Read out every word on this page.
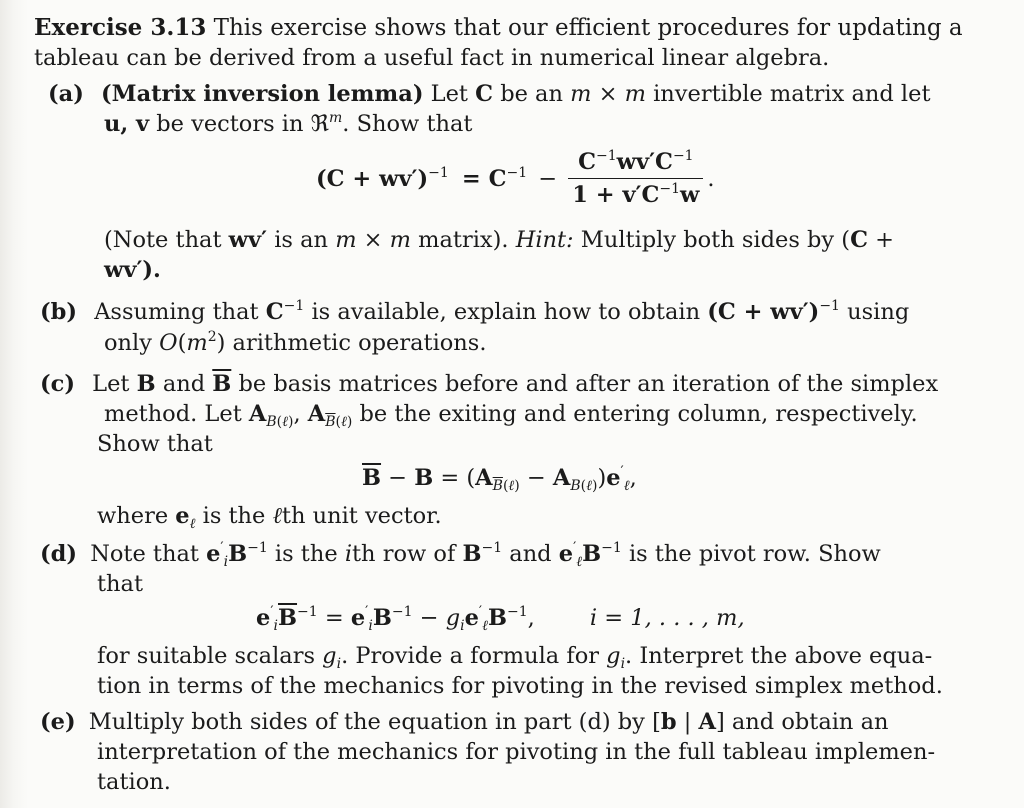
Exercise 3.13 This exercise shows that our efficient procedures for updating a
tableau can be derived from a useful fact in numerical linear algebra.
(a) (Matrix inversion lemma) Let C be an m × m invertible matrix and let
u, v be vectors in ℜ$^m$. Show that
$(C + wv')^{-1} = C^{-1} - \frac{C^{-1}wv'C^{-1}}{1 + v'C^{-1}w}$ .
(Note that wv′ is an m × m matrix). Hint: Multiply both sides by (C +
wv′).
(b) Assuming that $C^{-1}$ is available, explain how to obtain $(C + wv')^{-1}$ using
only $O(m^2)$ arithmetic operations.
(c) Let B and $\overline{B}$ be basis matrices before and after an iteration of the simplex
method. Let $A_{B(\ell)}$, $A_{\overline{B}(\ell)}$ be the exiting and entering column, respectively.
Show that
$\overline{B} - B = (A_{\overline{B}(\ell)} - A_{B(\ell)})e'_\ell$,
where $e_\ell$ is the ℓth unit vector.
(d) Note that $e'_iB^{-1}$ is the ith row of $B^{-1}$ and $e'_\ell B^{-1}$ is the pivot row. Show
that
$e'_i\overline{B}^{-1} = e'_iB^{-1} - g_ie'_\ell B^{-1}$, i = 1, . . . , m,
for suitable scalars $g_i$. Provide a formula for $g_i$. Interpret the above equa-
tion in terms of the mechanics for pivoting in the revised simplex method.
(e) Multiply both sides of the equation in part (d) by [b | A] and obtain an
interpretation of the mechanics for pivoting in the full tableau implemen-
tation.
